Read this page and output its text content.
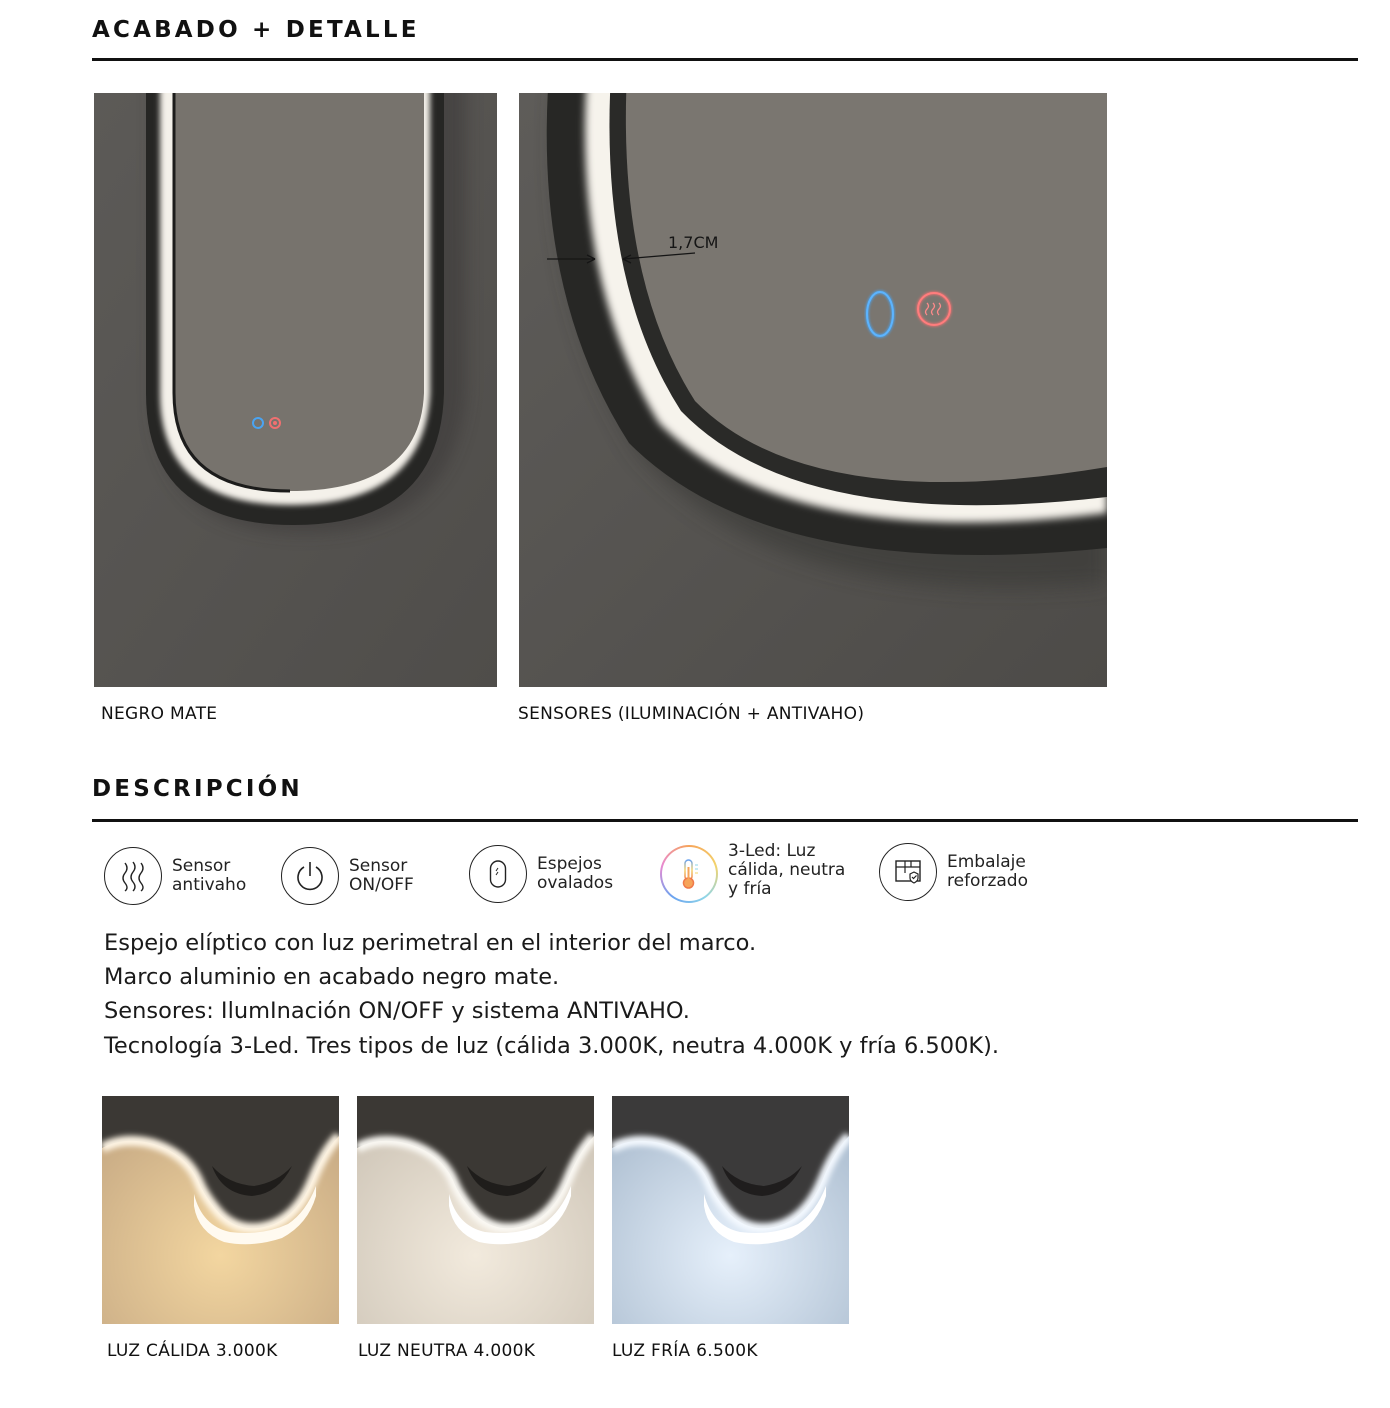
ACABADO + DETALLE
1,7CM
NEGRO MATE	SENSORES (ILUMINACIÓN + ANTIVAHO)
DESCRIPCIÓN
Sensor
antivaho
Sensor
ON/OFF
Espejos
ovalados
3-Led: Luz
cálida, neutra
y fría
Embalaje
reforzado

Espejo elíptico con luz perimetral en el interior del marco.
Marco aluminio en acabado negro mate.
Sensores: IlumInación ON/OFF y sistema ANTIVAHO.
Tecnología 3-Led. Tres tipos de luz (cálida 3.000K, neutra 4.000K y fría 6.500K).

LUZ CÁLIDA 3.000K	LUZ NEUTRA 4.000K	LUZ FRÍA 6.500K
